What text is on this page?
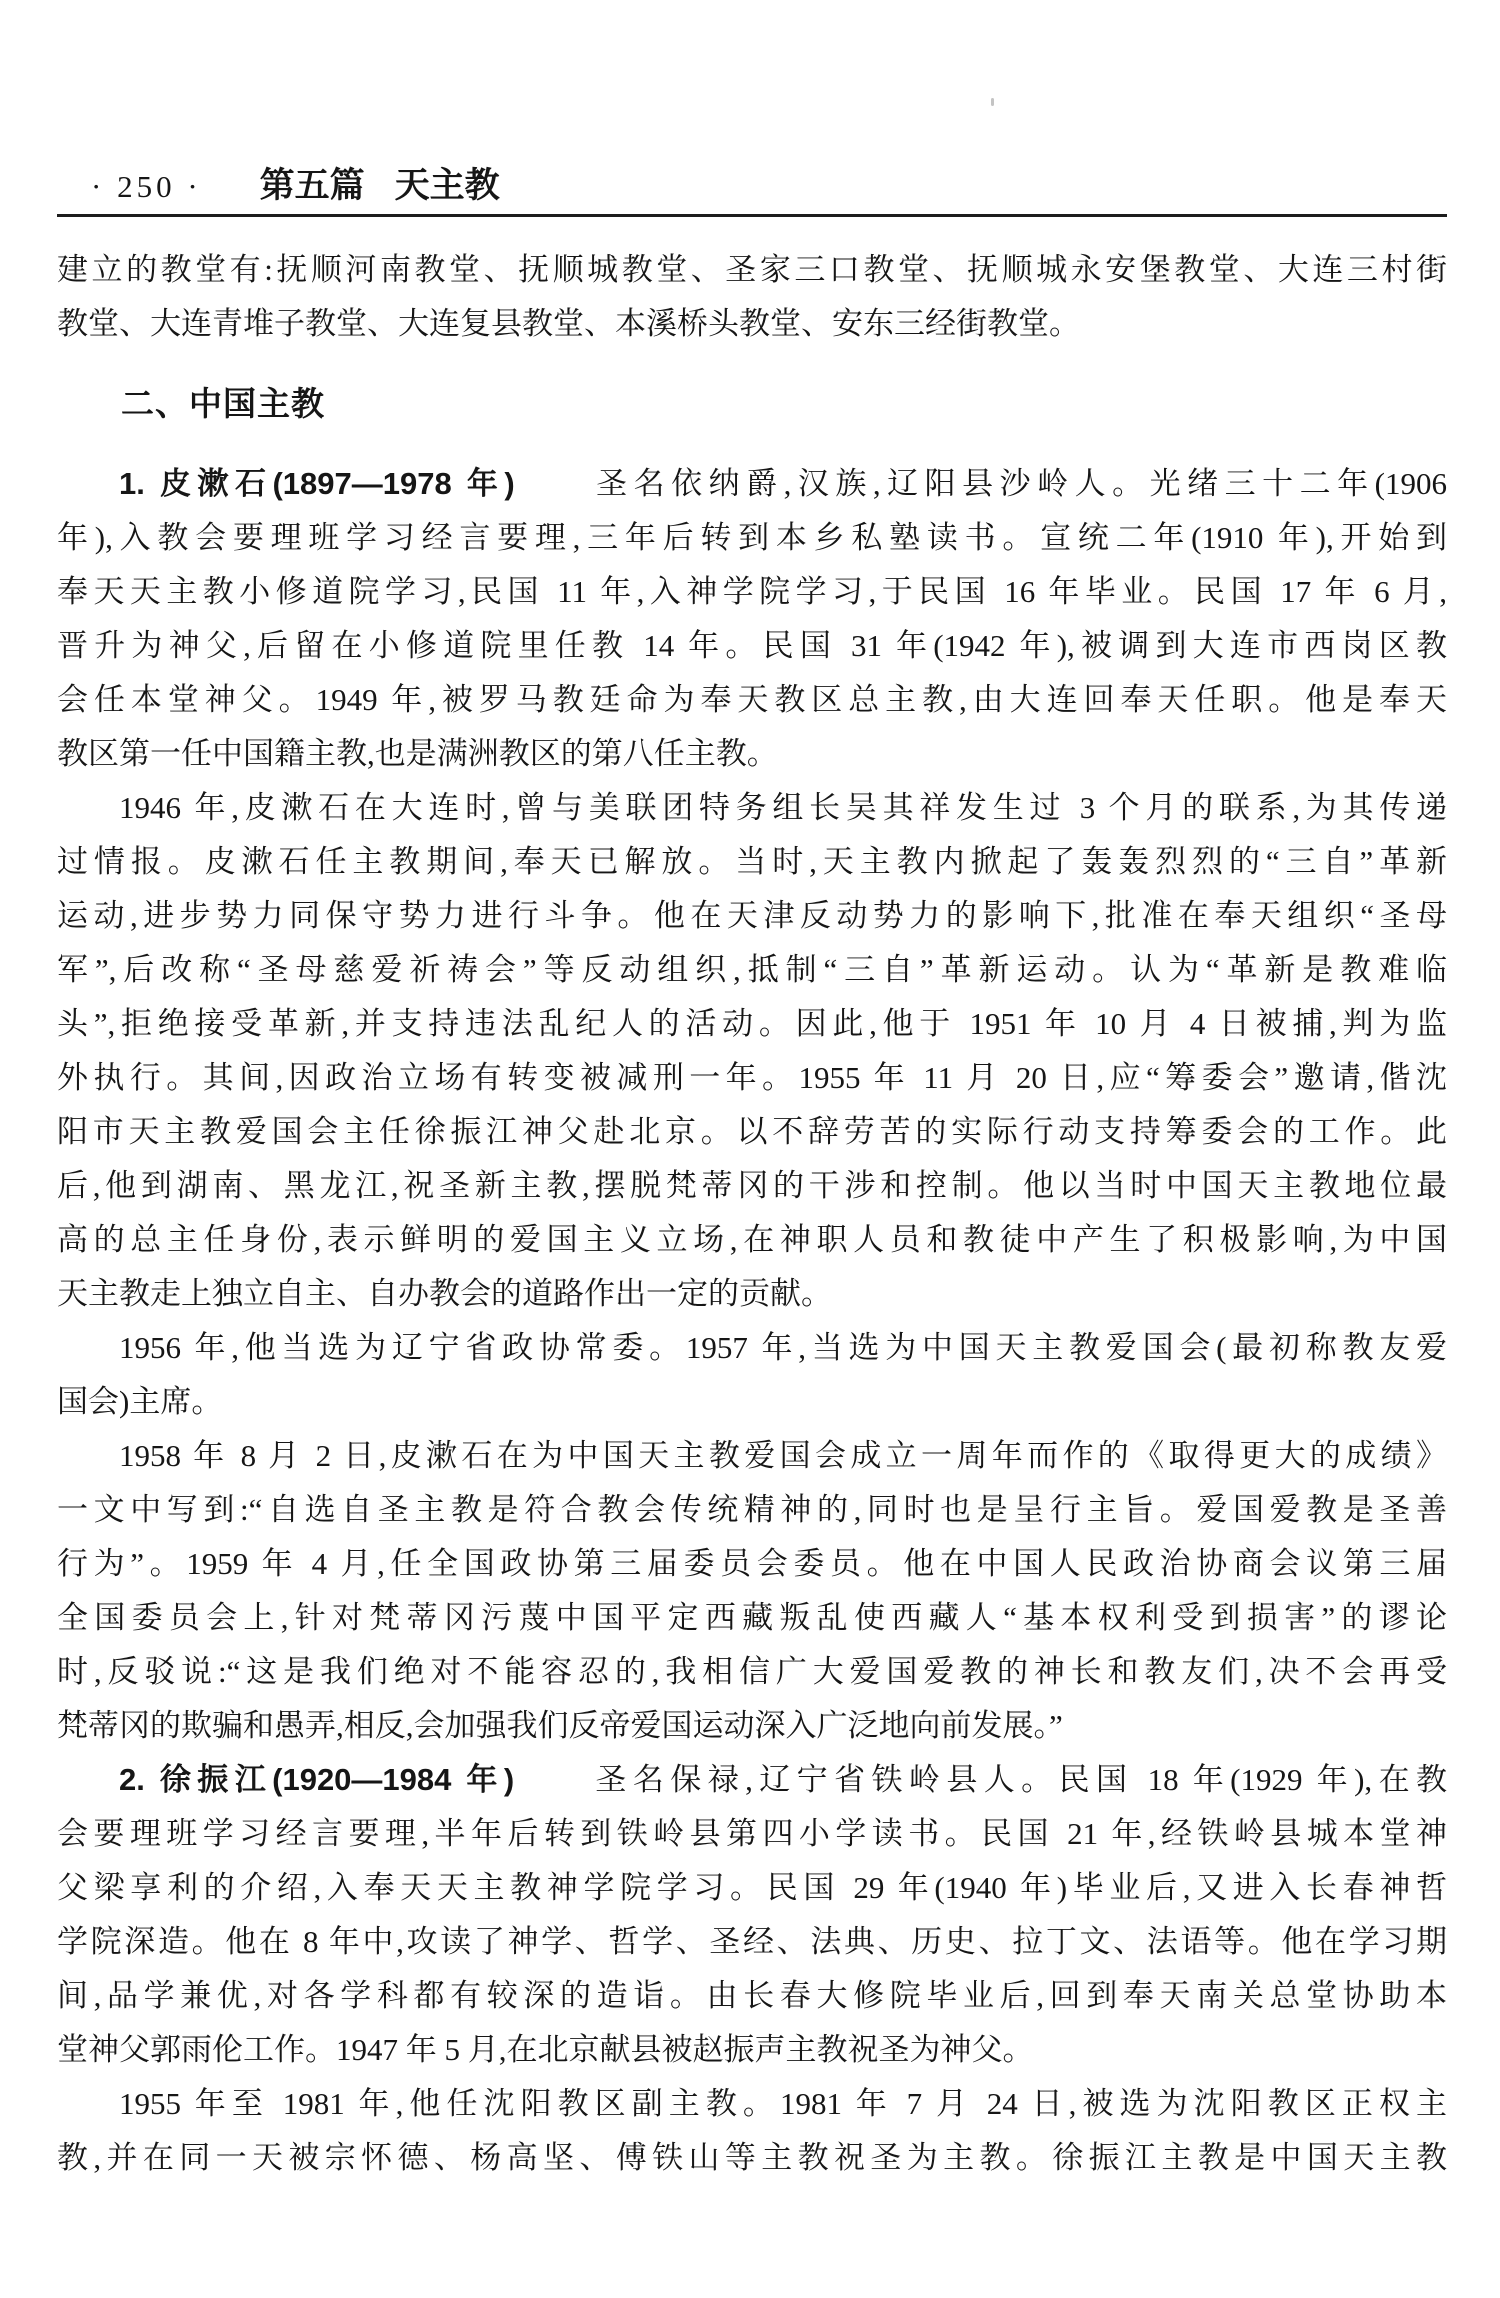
· 250 · 第五篇 天主教
建立的教堂有:抚顺河南教堂、抚顺城教堂、圣家三口教堂、抚顺城永安堡教堂、大连三村街
教堂、大连青堆子教堂、大连复县教堂、本溪桥头教堂、安东三经街教堂。
二、中国主教
1. 皮漱石(1897—1978 年)　　圣名依纳爵,汉族,辽阳县沙岭人。光绪三十二年(1906
年),入教会要理班学习经言要理,三年后转到本乡私塾读书。宣统二年(1910 年),开始到
奉天天主教小修道院学习,民国 11 年,入神学院学习,于民国 16 年毕业。民国 17 年 6 月,
晋升为神父,后留在小修道院里任教 14 年。民国 31 年(1942 年),被调到大连市西岗区教
会任本堂神父。1949 年,被罗马教廷命为奉天教区总主教,由大连回奉天任职。他是奉天
教区第一任中国籍主教,也是满洲教区的第八任主教。
1946 年,皮漱石在大连时,曾与美联团特务组长吴其祥发生过 3 个月的联系,为其传递
过情报。皮漱石任主教期间,奉天已解放。当时,天主教内掀起了轰轰烈烈的“三自”革新
运动,进步势力同保守势力进行斗争。他在天津反动势力的影响下,批准在奉天组织“圣母
军”,后改称“圣母慈爱祈祷会”等反动组织,抵制“三自”革新运动。认为“革新是教难临
头”,拒绝接受革新,并支持违法乱纪人的活动。因此,他于 1951 年 10 月 4 日被捕,判为监
外执行。其间,因政治立场有转变被减刑一年。1955 年 11 月 20 日,应“筹委会”邀请,偕沈
阳市天主教爱国会主任徐振江神父赴北京。以不辞劳苦的实际行动支持筹委会的工作。此
后,他到湖南、黑龙江,祝圣新主教,摆脱梵蒂冈的干涉和控制。他以当时中国天主教地位最
高的总主任身份,表示鲜明的爱国主义立场,在神职人员和教徒中产生了积极影响,为中国
天主教走上独立自主、自办教会的道路作出一定的贡献。
1956 年,他当选为辽宁省政协常委。1957 年,当选为中国天主教爱国会(最初称教友爱
国会)主席。
1958 年 8 月 2 日,皮漱石在为中国天主教爱国会成立一周年而作的《取得更大的成绩》
一文中写到:“自选自圣主教是符合教会传统精神的,同时也是呈行主旨。爱国爱教是圣善
行为”。1959 年 4 月,任全国政协第三届委员会委员。他在中国人民政治协商会议第三届
全国委员会上,针对梵蒂冈污蔑中国平定西藏叛乱使西藏人“基本权利受到损害”的谬论
时,反驳说:“这是我们绝对不能容忍的,我相信广大爱国爱教的神长和教友们,决不会再受
梵蒂冈的欺骗和愚弄,相反,会加强我们反帝爱国运动深入广泛地向前发展。”
2. 徐振江(1920—1984 年)　　圣名保禄,辽宁省铁岭县人。民国 18 年(1929 年),在教
会要理班学习经言要理,半年后转到铁岭县第四小学读书。民国 21 年,经铁岭县城本堂神
父梁享利的介绍,入奉天天主教神学院学习。民国 29 年(1940 年)毕业后,又进入长春神哲
学院深造。他在 8 年中,攻读了神学、哲学、圣经、法典、历史、拉丁文、法语等。他在学习期
间,品学兼优,对各学科都有较深的造诣。由长春大修院毕业后,回到奉天南关总堂协助本
堂神父郭雨伦工作。1947 年 5 月,在北京献县被赵振声主教祝圣为神父。
1955 年至 1981 年,他任沈阳教区副主教。1981 年 7 月 24 日,被选为沈阳教区正权主
教,并在同一天被宗怀德、杨高坚、傅铁山等主教祝圣为主教。徐振江主教是中国天主教
